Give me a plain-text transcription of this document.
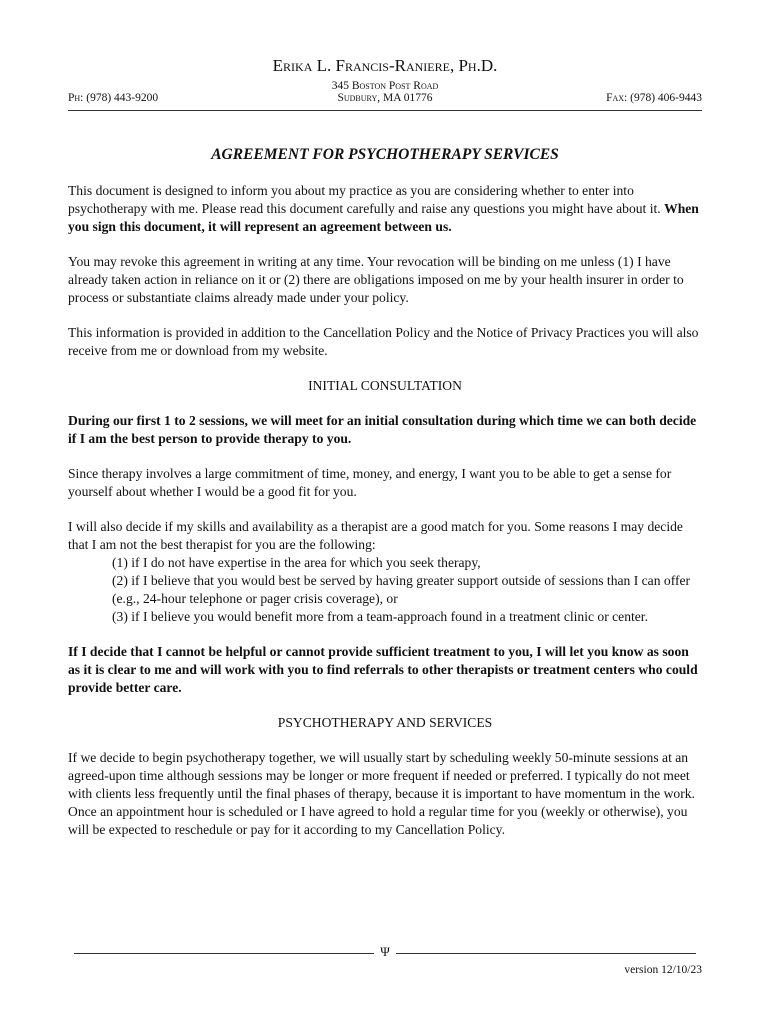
Erika L. Francis-Raniere, Ph.D.
345 Boston Post Road
Ph: (978) 443-9200	Sudbury, MA 01776	Fax: (978) 406-9443
AGREEMENT FOR PSYCHOTHERAPY SERVICES

This document is designed to inform you about my practice as you are considering whether to enter into psychotherapy with me. Please read this document carefully and raise any questions you might have about it. When you sign this document, it will represent an agreement between us.

You may revoke this agreement in writing at any time. Your revocation will be binding on me unless (1) I have already taken action in reliance on it or (2) there are obligations imposed on me by your health insurer in order to process or substantiate claims already made under your policy.

This information is provided in addition to the Cancellation Policy and the Notice of Privacy Practices you will also receive from me or download from my website.

INITIAL CONSULTATION

During our first 1 to 2 sessions, we will meet for an initial consultation during which time we can both decide if I am the best person to provide therapy to you.

Since therapy involves a large commitment of time, money, and energy, I want you to be able to get a sense for yourself about whether I would be a good fit for you.

I will also decide if my skills and availability as a therapist are a good match for you. Some reasons I may decide that I am not the best therapist for you are the following:

(1) if I do not have expertise in the area for which you seek therapy,
(2) if I believe that you would best be served by having greater support outside of sessions than I can offer (e.g., 24-hour telephone or pager crisis coverage), or
(3) if I believe you would benefit more from a team-approach found in a treatment clinic or center.

If I decide that I cannot be helpful or cannot provide sufficient treatment to you, I will let you know as soon as it is clear to me and will work with you to find referrals to other therapists or treatment centers who could provide better care.

PSYCHOTHERAPY AND SERVICES

If we decide to begin psychotherapy together, we will usually start by scheduling weekly 50-minute sessions at an agreed-upon time although sessions may be longer or more frequent if needed or preferred. I typically do not meet with clients less frequently until the final phases of therapy, because it is important to have momentum in the work. Once an appointment hour is scheduled or I have agreed to hold a regular time for you (weekly or otherwise), you will be expected to reschedule or pay for it according to my Cancellation Policy.

Ψ
version 12/10/23
